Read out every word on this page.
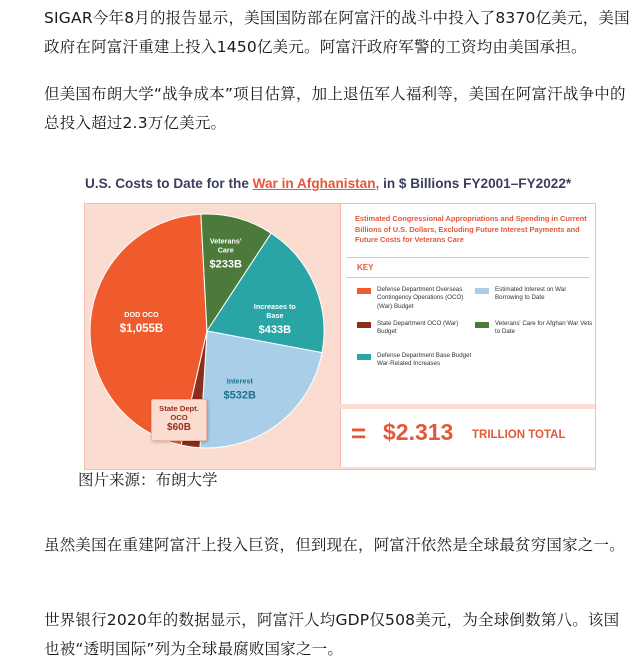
SIGAR今年8月的报告显示，美国国防部在阿富汗的战斗中投入了8370亿美元，美国政府在阿富汗重建上投入1450亿美元。阿富汗政府军警的工资均由美国承担。

但美国布朗大学“战争成本”项目估算，加上退伍军人福利等，美国在阿富汗战争中的总投入超过2.3万亿美元。

U.S. Costs to Date for the War in Afghanistan, in $ Billions FY2001–FY2022*
DOD OCO
$1,055B
Veterans'
Care
$233B
Increases to
Base
$433B
Interest
$532B
State Dept. OCO
$60B
Estimated Congressional Appropriations and Spending in Current Billions of U.S. Dollars, Excluding Future Interest Payments and Future Costs for Veterans Care
KEY
Defense Department Overseas Contingency Operations (OCO) (War) Budget
Estimated Interest on War Borrowing to Date
State Department OCO (War) Budget
Veterans' Care for Afghan War Vets to Date
Defense Department Base Budget War-Related Increases
= $2.313 TRILLION TOTAL
图片来源：布朗大学

虽然美国在重建阿富汗上投入巨资，但到现在，阿富汗依然是全球最贫穷国家之一。

世界银行2020年的数据显示，阿富汗人均GDP仅508美元，为全球倒数第八。该国也被“透明国际”列为全球最腐败国家之一。
